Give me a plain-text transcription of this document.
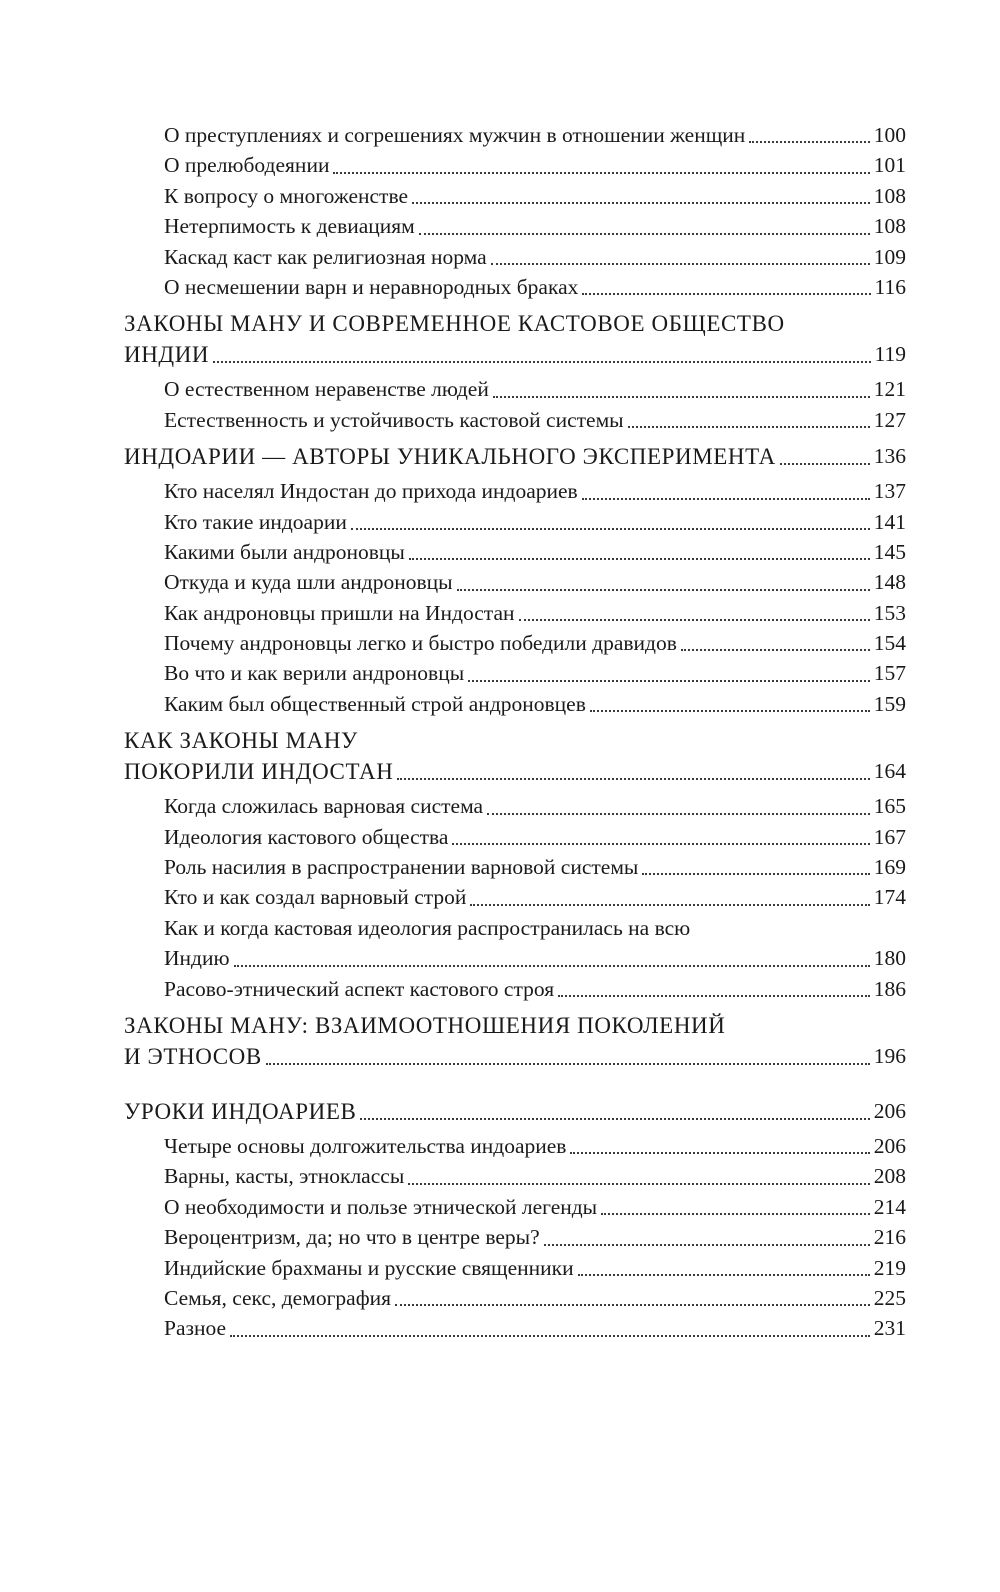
О преступлениях и согрешениях мужчин в отношении женщин	100
О прелюбодеянии	101
К вопросу о многоженстве	108
Нетерпимость к девиациям	108
Каскад каст как религиозная норма	109
О несмешении варн и неравнородных браках	116
ЗАКОНЫ МАНУ И СОВРЕМЕННОЕ КАСТОВОЕ ОБЩЕСТВО
ИНДИИ	119
О естественном неравенстве людей	121
Естественность и устойчивость кастовой системы	127
ИНДОАРИИ — АВТОРЫ УНИКАЛЬНОГО ЭКСПЕРИМЕНТА	136
Кто населял Индостан до прихода индоариев	137
Кто такие индоарии	141
Какими были андроновцы	145
Откуда и куда шли андроновцы	148
Как андроновцы пришли на Индостан	153
Почему андроновцы легко и быстро победили дравидов	154
Во что и как верили андроновцы	157
Каким был общественный строй андроновцев	159
КАК ЗАКОНЫ МАНУ
ПОКОРИЛИ ИНДОСТАН	164
Когда сложилась варновая система	165
Идеология кастового общества	167
Роль насилия в распространении варновой системы	169
Кто и как создал варновый строй	174
Как и когда кастовая идеология распространилась на всю
Индию	180
Расово-этнический аспект кастового строя	186
ЗАКОНЫ МАНУ: ВЗАИМООТНОШЕНИЯ ПОКОЛЕНИЙ
И ЭТНОСОВ	196
УРОКИ ИНДОАРИЕВ	206
Четыре основы долгожительства индоариев	206
Варны, касты, этноклассы	208
О необходимости и пользе этнической легенды	214
Вероцентризм, да; но что в центре веры?	216
Индийские брахманы и русские священники	219
Семья, секс, демография	225
Разное	231
